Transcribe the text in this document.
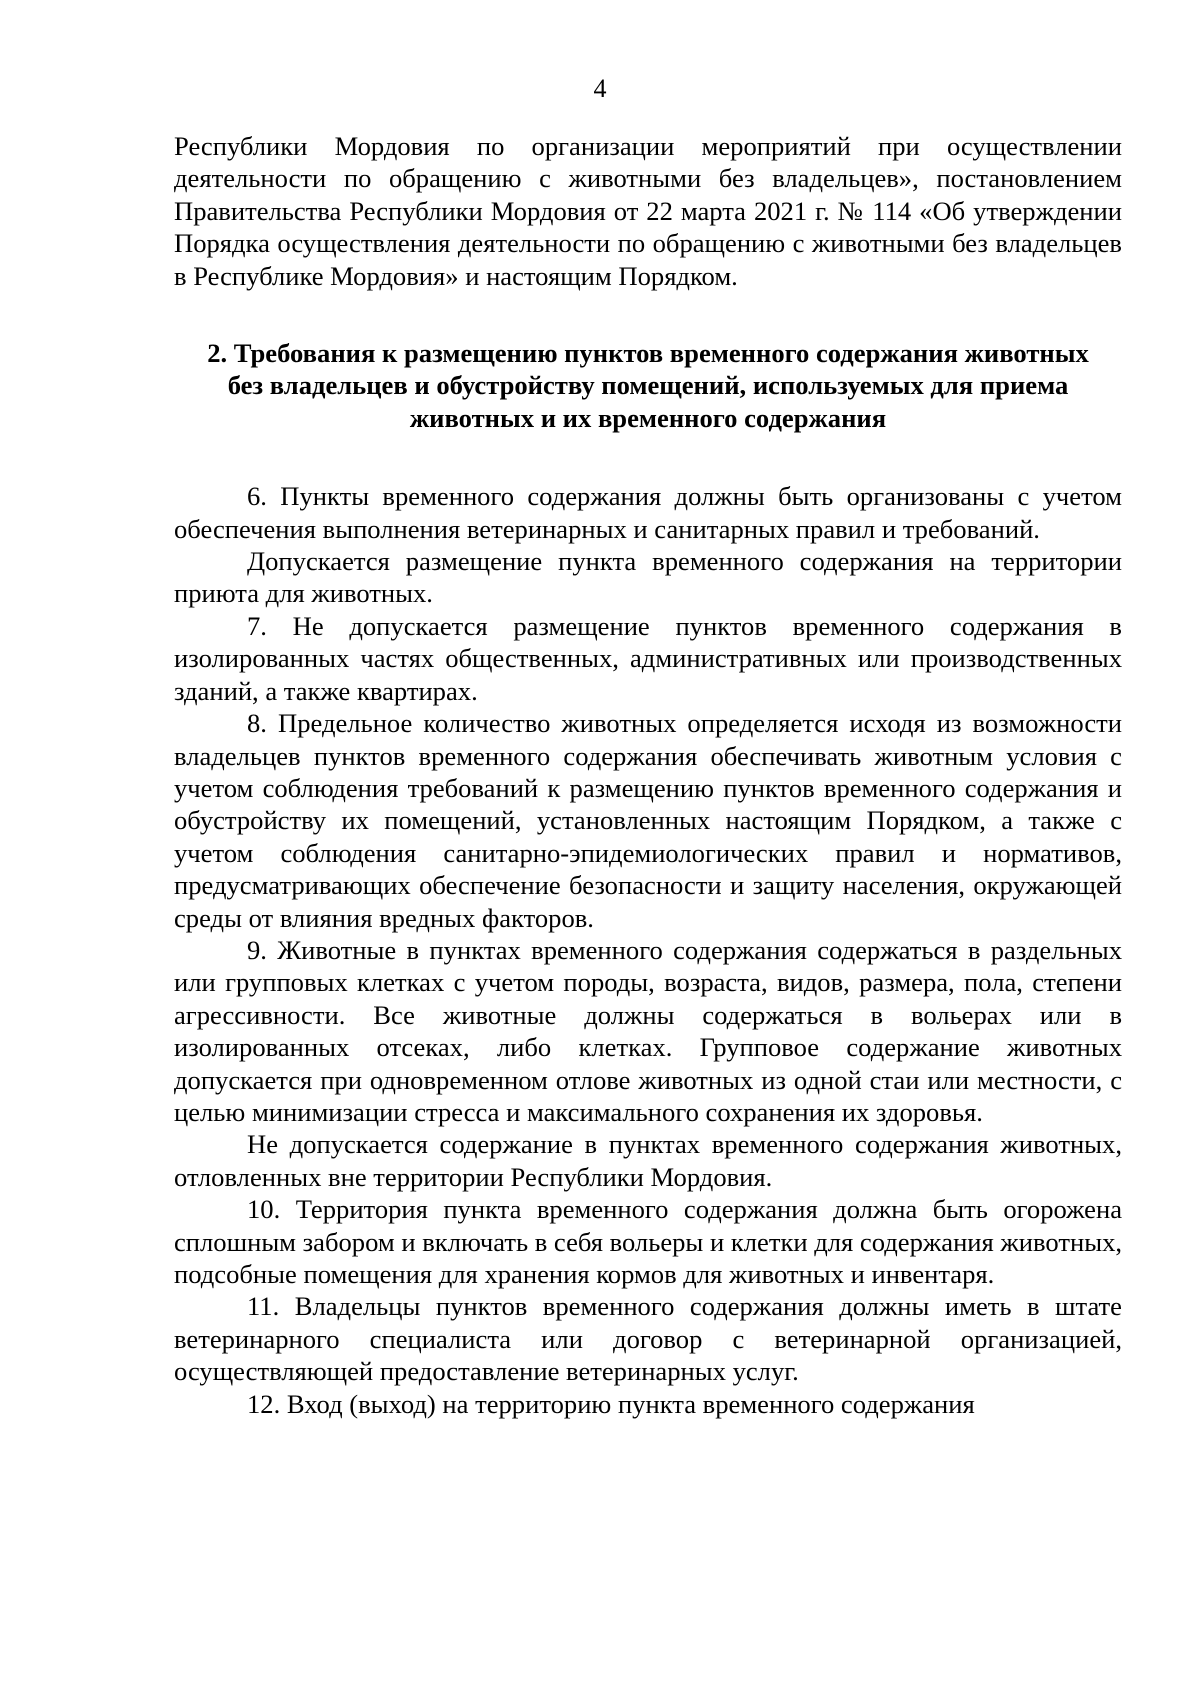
4

Республики Мордовия по организации мероприятий при осуществлении деятельности по обращению с животными без владельцев», постановлением Правительства Республики Мордовия от 22 марта 2021 г. № 114 «Об утверждении Порядка осуществления деятельности по обращению с животными без владельцев в Республике Мордовия» и настоящим Порядком.

2. Требования к размещению пунктов временного содержания животных
без владельцев и обустройству помещений, используемых для приема
животных и их временного содержания

6. Пункты временного содержания должны быть организованы с учетом обеспечения выполнения ветеринарных и санитарных правил и требований.

Допускается размещение пункта временного содержания на территории приюта для животных.

7. Не допускается размещение пунктов временного содержания в изолированных частях общественных, административных или производственных зданий, а также квартирах.

8. Предельное количество животных определяется исходя из возможности владельцев пунктов временного содержания обеспечивать животным условия с учетом соблюдения требований к размещению пунктов временного содержания и обустройству их помещений, установленных настоящим Порядком, а также с учетом соблюдения санитарно-эпидемиологических правил и нормативов, предусматривающих обеспечение безопасности и защиту населения, окружающей среды от влияния вредных факторов.

9. Животные в пунктах временного содержания содержаться в раздельных или групповых клетках с учетом породы, возраста, видов, размера, пола, степени агрессивности. Все животные должны содержаться в вольерах или в изолированных отсеках, либо клетках. Групповое содержание животных допускается при одновременном отлове животных из одной стаи или местности, с целью минимизации стресса и максимального сохранения их здоровья.

Не допускается содержание в пунктах временного содержания животных, отловленных вне территории Республики Мордовия.

10. Территория пункта временного содержания должна быть огорожена сплошным забором и включать в себя вольеры и клетки для содержания животных, подсобные помещения для хранения кормов для животных и инвентаря.

11. Владельцы пунктов временного содержания должны иметь в штате ветеринарного специалиста или договор с ветеринарной организацией, осуществляющей предоставление ветеринарных услуг.

12. Вход (выход) на территорию пункта временного содержания
